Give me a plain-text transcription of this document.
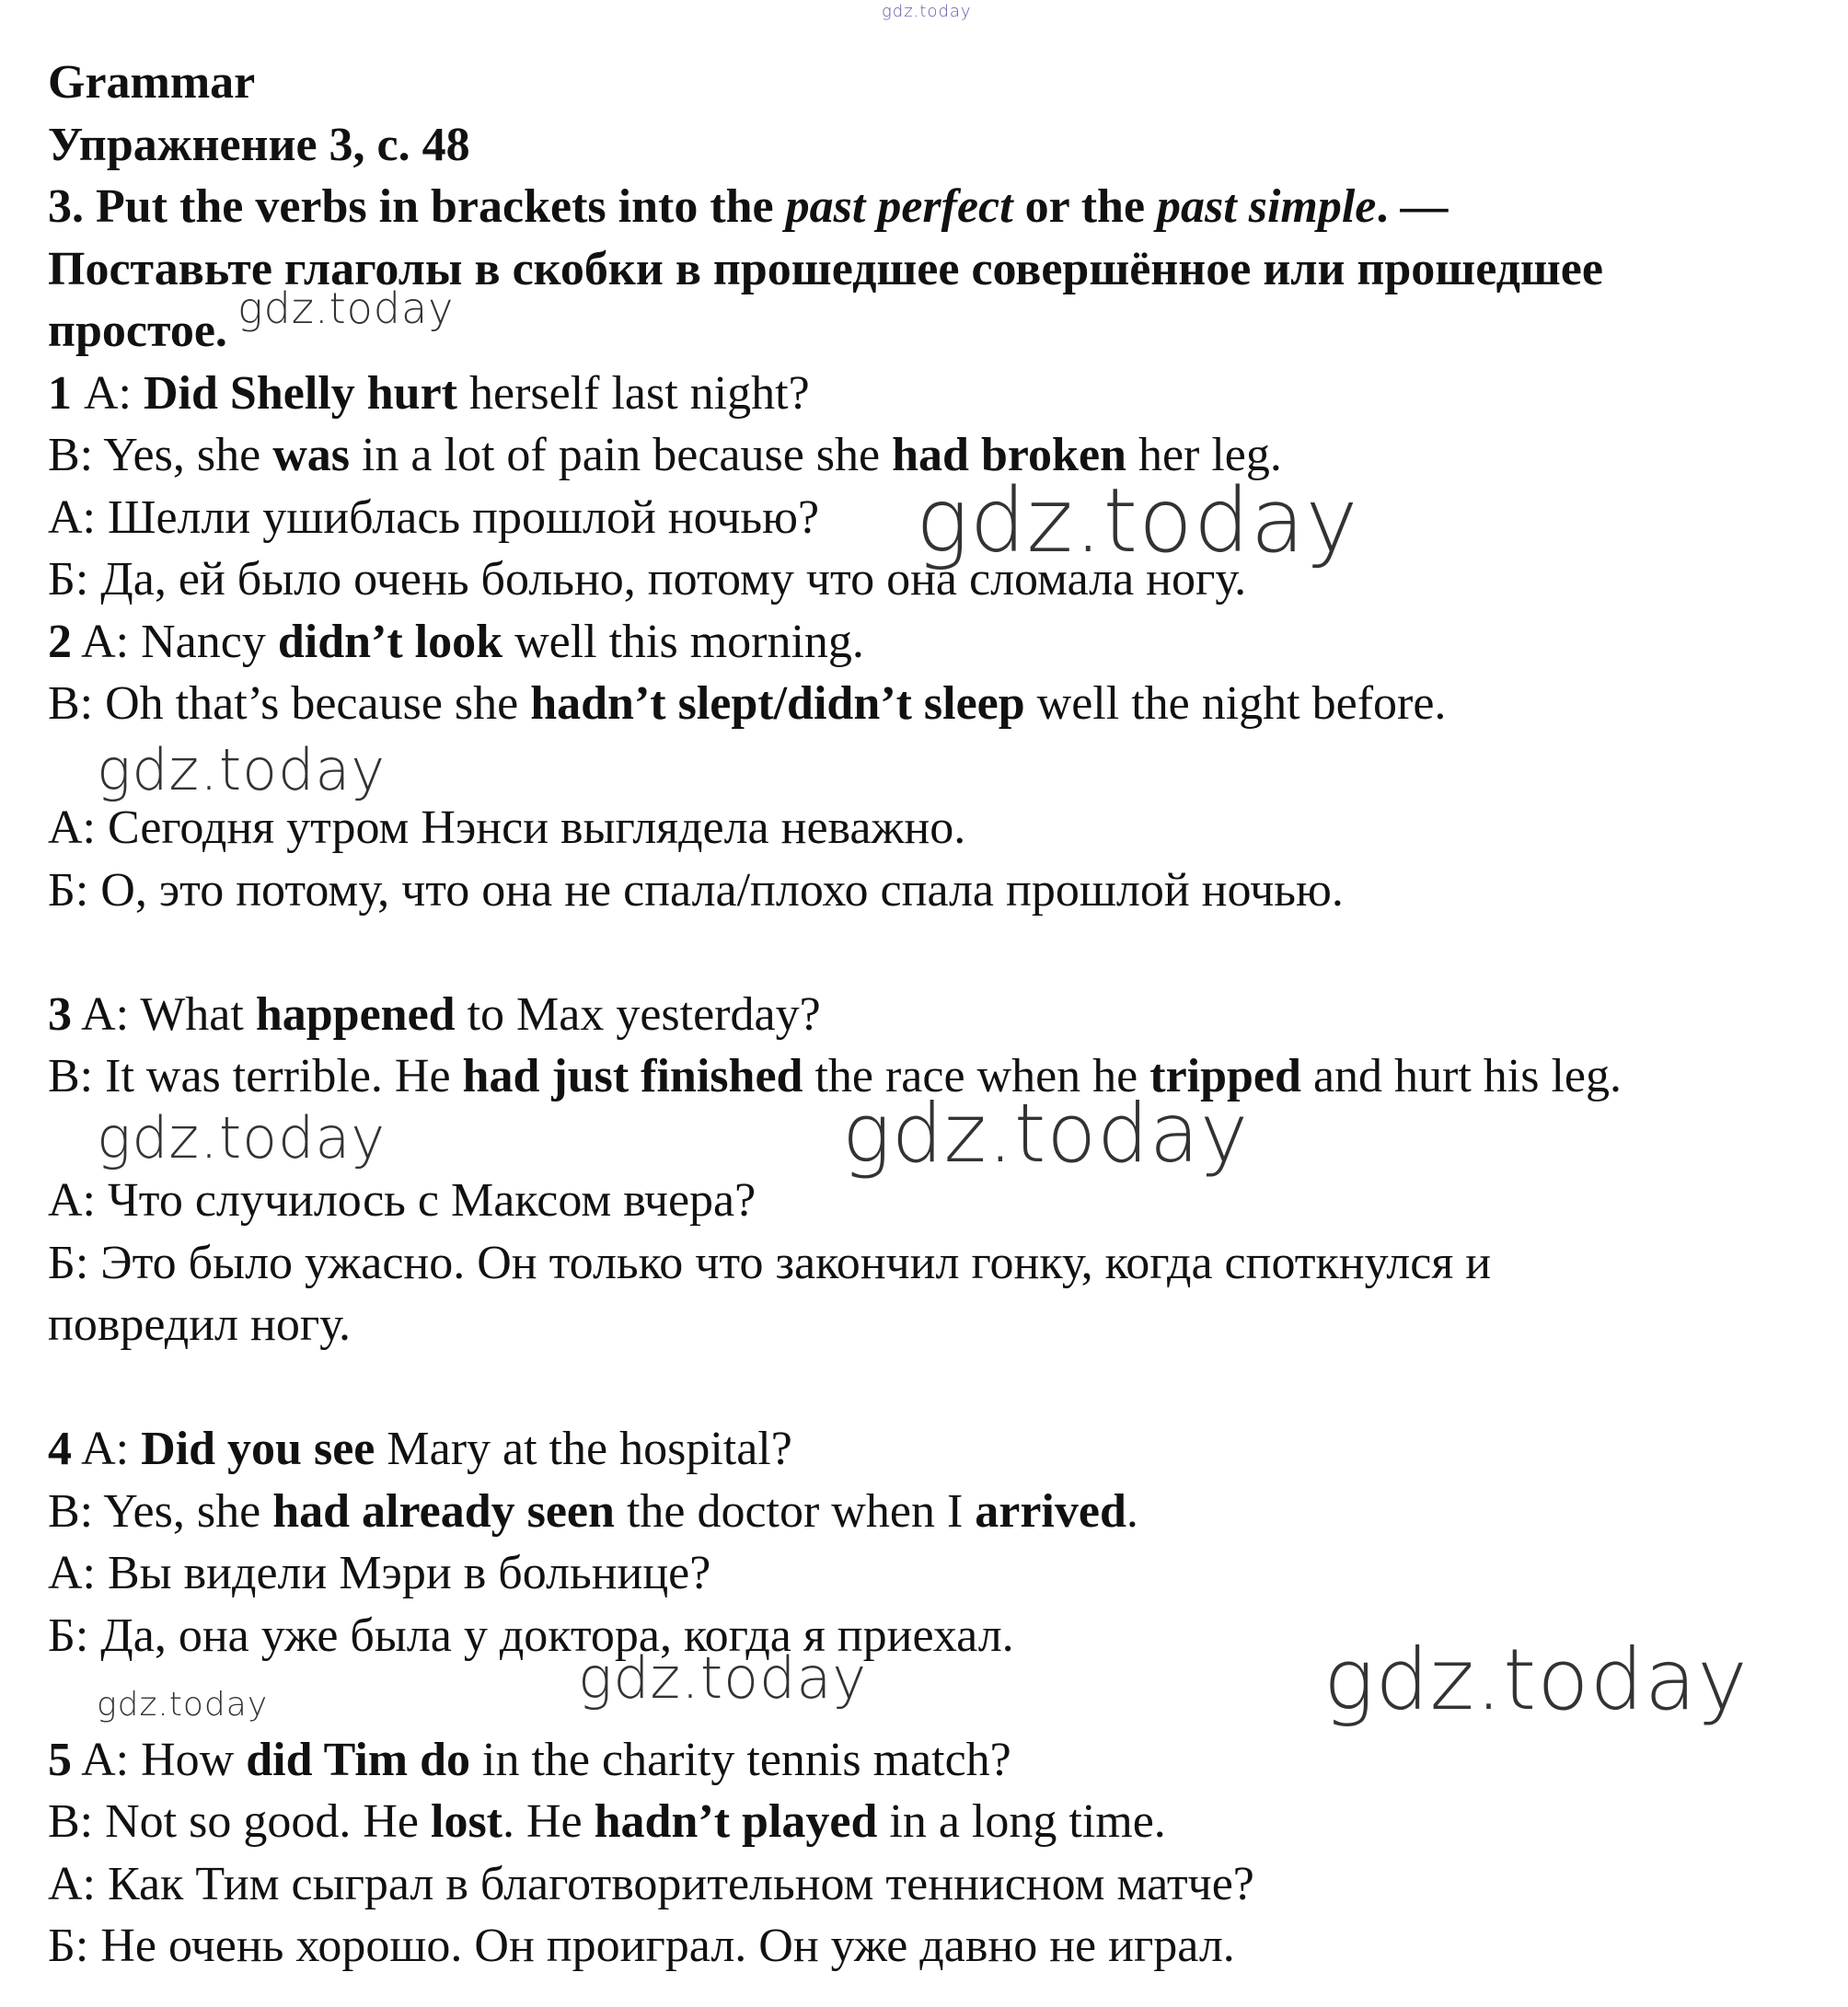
gdz.today
gdz.today
gdz.today
gdz.today
gdz.today	gdz.today
gdz.today	gdz.today	gdz.today
Grammar
Упражнение 3, с. 48
3. Put the verbs in brackets into the past perfect or the past simple. —
Поставьте глаголы в скобки в прошедшее совершённое или прошедшее
простое.
1 А: Did Shelly hurt herself last night?
B: Yes, she was in a lot of pain because she had broken her leg.
А: Шелли ушиблась прошлой ночью?
Б: Да, ей было очень больно, потому что она сломала ногу.
2 A: Nancy didn’t look well this morning.
B: Oh that’s because she hadn’t slept/didn’t sleep well the night before.
А: Сегодня утром Нэнси выглядела неважно.
Б: О, это потому, что она не спала/плохо спала прошлой ночью.
3 A: What happened to Max yesterday?
B: It was terrible. He had just finished the race when he tripped and hurt his leg.
А: Что случилось с Максом вчера?
Б: Это было ужасно. Он только что закончил гонку, когда споткнулся и
повредил ногу.
4 A: Did you see Mary at the hospital?
B: Yes, she had already seen the doctor when I arrived.
А: Вы видели Мэри в больнице?
Б: Да, она уже была у доктора, когда я приехал.
5 A: How did Tim do in the charity tennis match?
B: Not so good. He lost. He hadn’t played in a long time.
А: Как Тим сыграл в благотворительном теннисном матче?
Б: Не очень хорошо. Он проиграл. Он уже давно не играл.
